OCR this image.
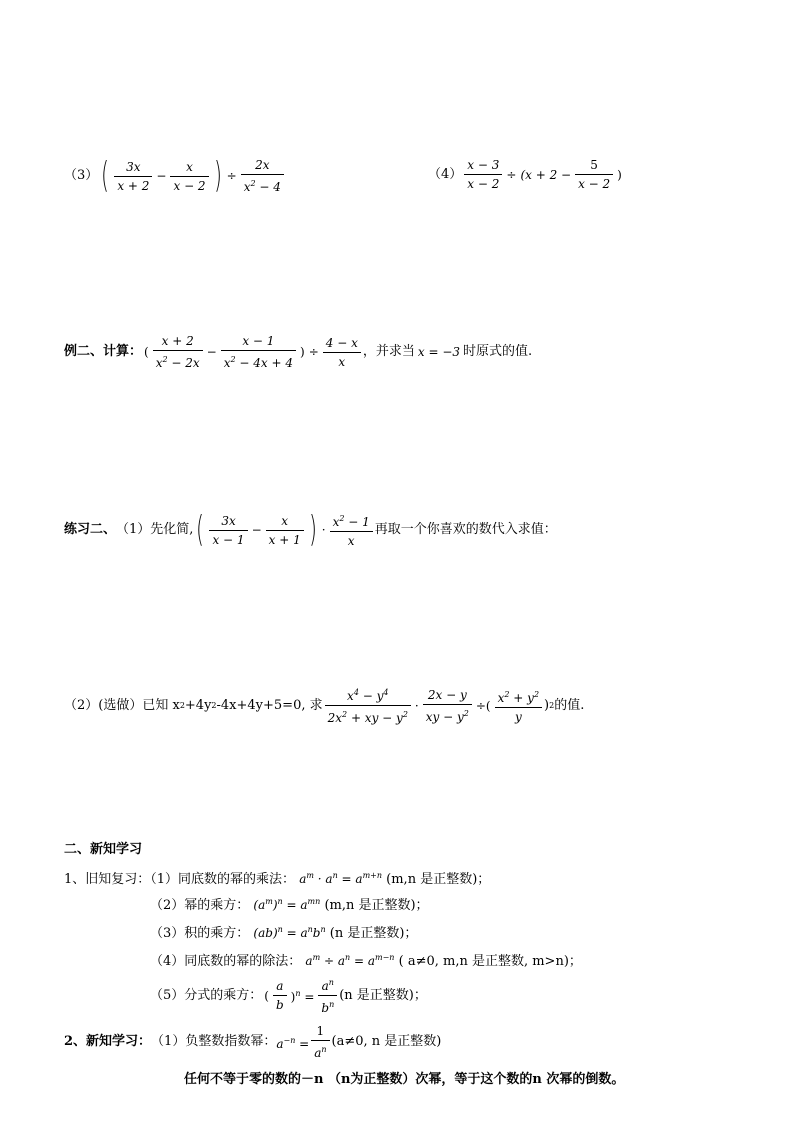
（3） ( $\frac{3x}{x + 2} - \frac{x}{x - 2}$ ) ÷ $\frac{2x}{x^2 - 4}$	$(4) \frac{x - 3}{x - 2} \div (x + 2 - \frac{5}{x - 2}$ )
例二、计算： ( $\frac{x + 2}{x^2 - 2x} - \frac{x - 1}{x^2 - 4x + 4}$ ) ÷ $\frac{4 - x}{x}$ ，并求当 x = −3 时原式的值.
练习二、 （1）先化简, ( $\frac{3x}{x - 1} - \frac{x}{x + 1}$ ) · $\frac{x^2 - 1}{x}$ 再取一个你喜欢的数代入求值：
（2）(选做）已知 x 2 +4y 2 -4x+4y+5=0, 求 $\frac{x^4 - y^4}{2x^2 + xy - y^2} \cdot \frac{2x - y}{xy - y^2}$ ÷( $\frac{x^2 + y^2}{y}$ ) 2 的值.
二、新知学习
1、旧知复习：（1）同底数的幂的乘法： $a^m \cdot a^n = a^{m+n}$ (m,n 是正整数)；
（2）幂的乘方： $(a^m)^n = a^{mn}$ (m,n 是正整数)；
（3）积的乘方： $(ab)^n = a^nb^n$ (n 是正整数)；
（4）同底数的幂的除法： $a^m \div a^n = a^{m-n}$ ( a≠0, m,n 是正整数, m>n)；
（5）分式的乘方： ( $\frac{a}{b} )^n = \frac{a^n}{b^n} (n$ 是正整数)；
2、新知学习： （1）负整数指数幂： $a^{-n} = \frac{1}{a^n} (a\ne 0$, n 是正整数)
任何不等于零的数的－n （n为正整数）次幂，等于这个数的n 次幂的倒数。
